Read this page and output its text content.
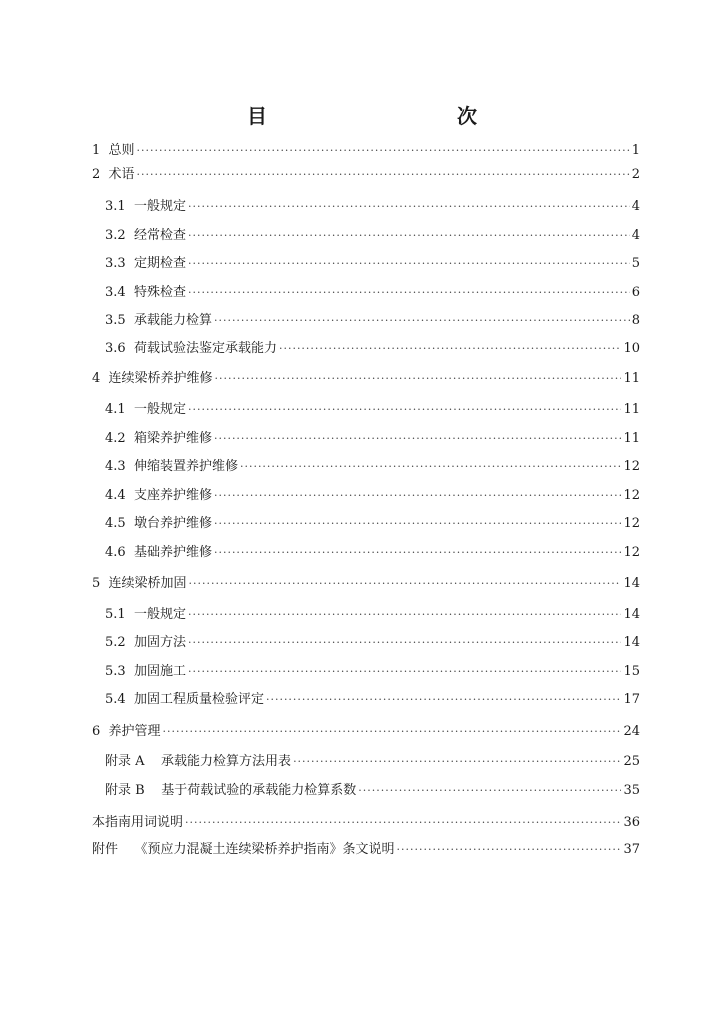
目　　次
1  总则 ·····	1
2  术语 ·····	2
3.1  一般规定 ·····	4
3.2  经常检查 ·····	4
3.3  定期检查 ·····	5
3.4  特殊检查 ·····	6
3.5  承载能力检算 ·····	8
3.6  荷载试验法鉴定承载能力 ·····	10
4  连续梁桥养护维修 ·····	11
4.1  一般规定 ·····	11
4.2  箱梁养护维修 ·····	11
4.3  伸缩装置养护维修 ·····	12
4.4  支座养护维修 ·····	12
4.5  墩台养护维修 ·····	12
4.6  基础养护维修 ·····	12
5  连续梁桥加固 ·····	14
5.1  一般规定 ·····	14
5.2  加固方法 ·····	14
5.3  加固施工 ·····	15
5.4  加固工程质量检验评定 ·····	17
6  养护管理 ·····	24
附录 A    承载能力检算方法用表 ·····	25
附录 B    基于荷载试验的承载能力检算系数 ·····	35
本指南用词说明 ·····	36
附件    《预应力混凝土连续梁桥养护指南》条文说明 ·····	37
